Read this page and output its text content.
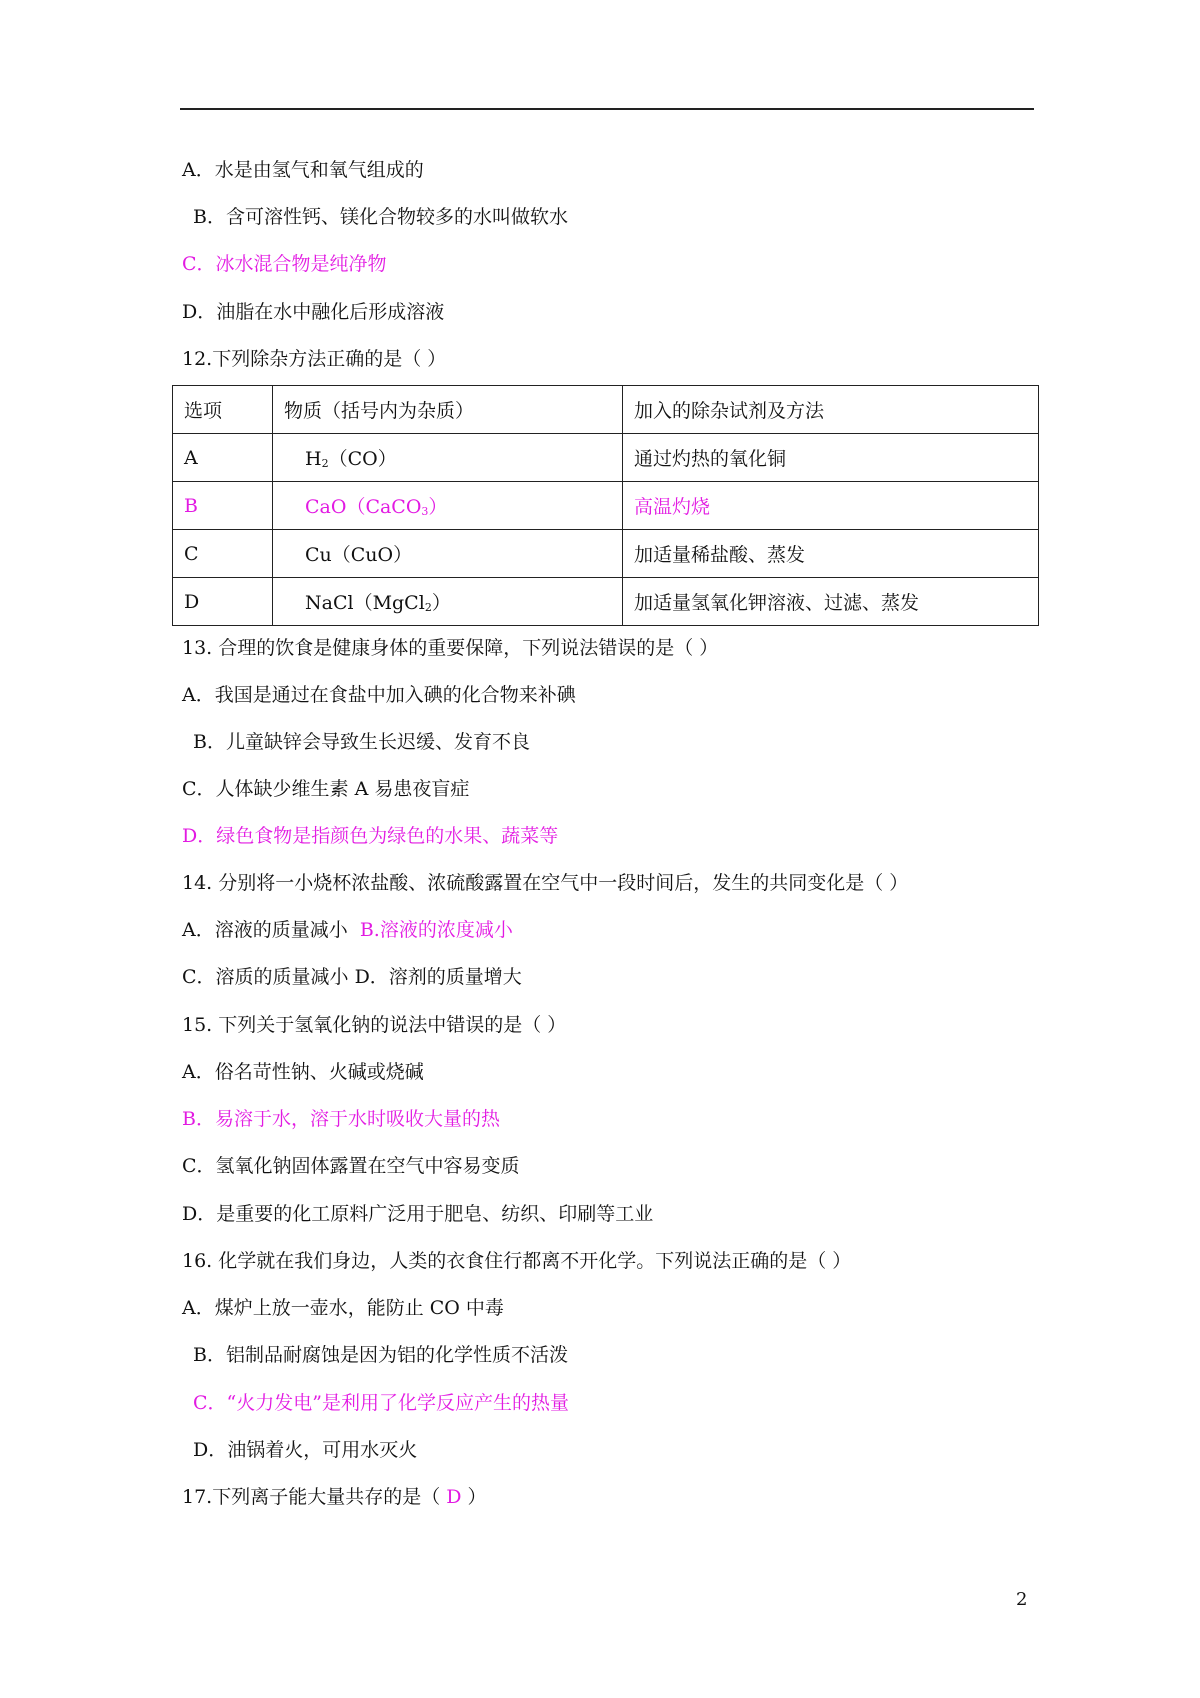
A．水是由氢气和氧气组成的
B．含可溶性钙、镁化合物较多的水叫做软水
C．冰水混合物是纯净物
D．油脂在水中融化后形成溶液
12.下列除杂方法正确的是（ ）
选项	物质（括号内为杂质）	加入的除杂试剂及方法
A	$H_2(CO)$	通过灼热的氧化铜
B	CaO（CaCO$_3$）	高温灼烧
C	Cu（CuO）	加适量稀盐酸、蒸发
D	NaCl（MgCl$_2$）	加适量氢氧化钾溶液、过滤、蒸发
13. 合理的饮食是健康身体的重要保障，下列说法错误的是（ ）
A．我国是通过在食盐中加入碘的化合物来补碘
B．儿童缺锌会导致生长迟缓、发育不良
C．人体缺少维生素 A 易患夜盲症
D．绿色食物是指颜色为绿色的水果、蔬菜等
14. 分别将一小烧杯浓盐酸、浓硫酸露置在空气中一段时间后，发生的共同变化是（ ）
A．溶液的质量减小 B.溶液的浓度减小
C．溶质的质量减小 D．溶剂的质量增大
15. 下列关于氢氧化钠的说法中错误的是（ ）
A．俗名苛性钠、火碱或烧碱
B．易溶于水，溶于水时吸收大量的热
C．氢氧化钠固体露置在空气中容易变质
D．是重要的化工原料广泛用于肥皂、纺织、印刷等工业
16. 化学就在我们身边，人类的衣食住行都离不开化学。下列说法正确的是（ ）
A．煤炉上放一壶水，能防止 CO 中毒
B．铝制品耐腐蚀是因为铝的化学性质不活泼
C．“火力发电”是利用了化学反应产生的热量
D．油锅着火，可用水灭火
17.下列离子能大量共存的是（ D ）
2
